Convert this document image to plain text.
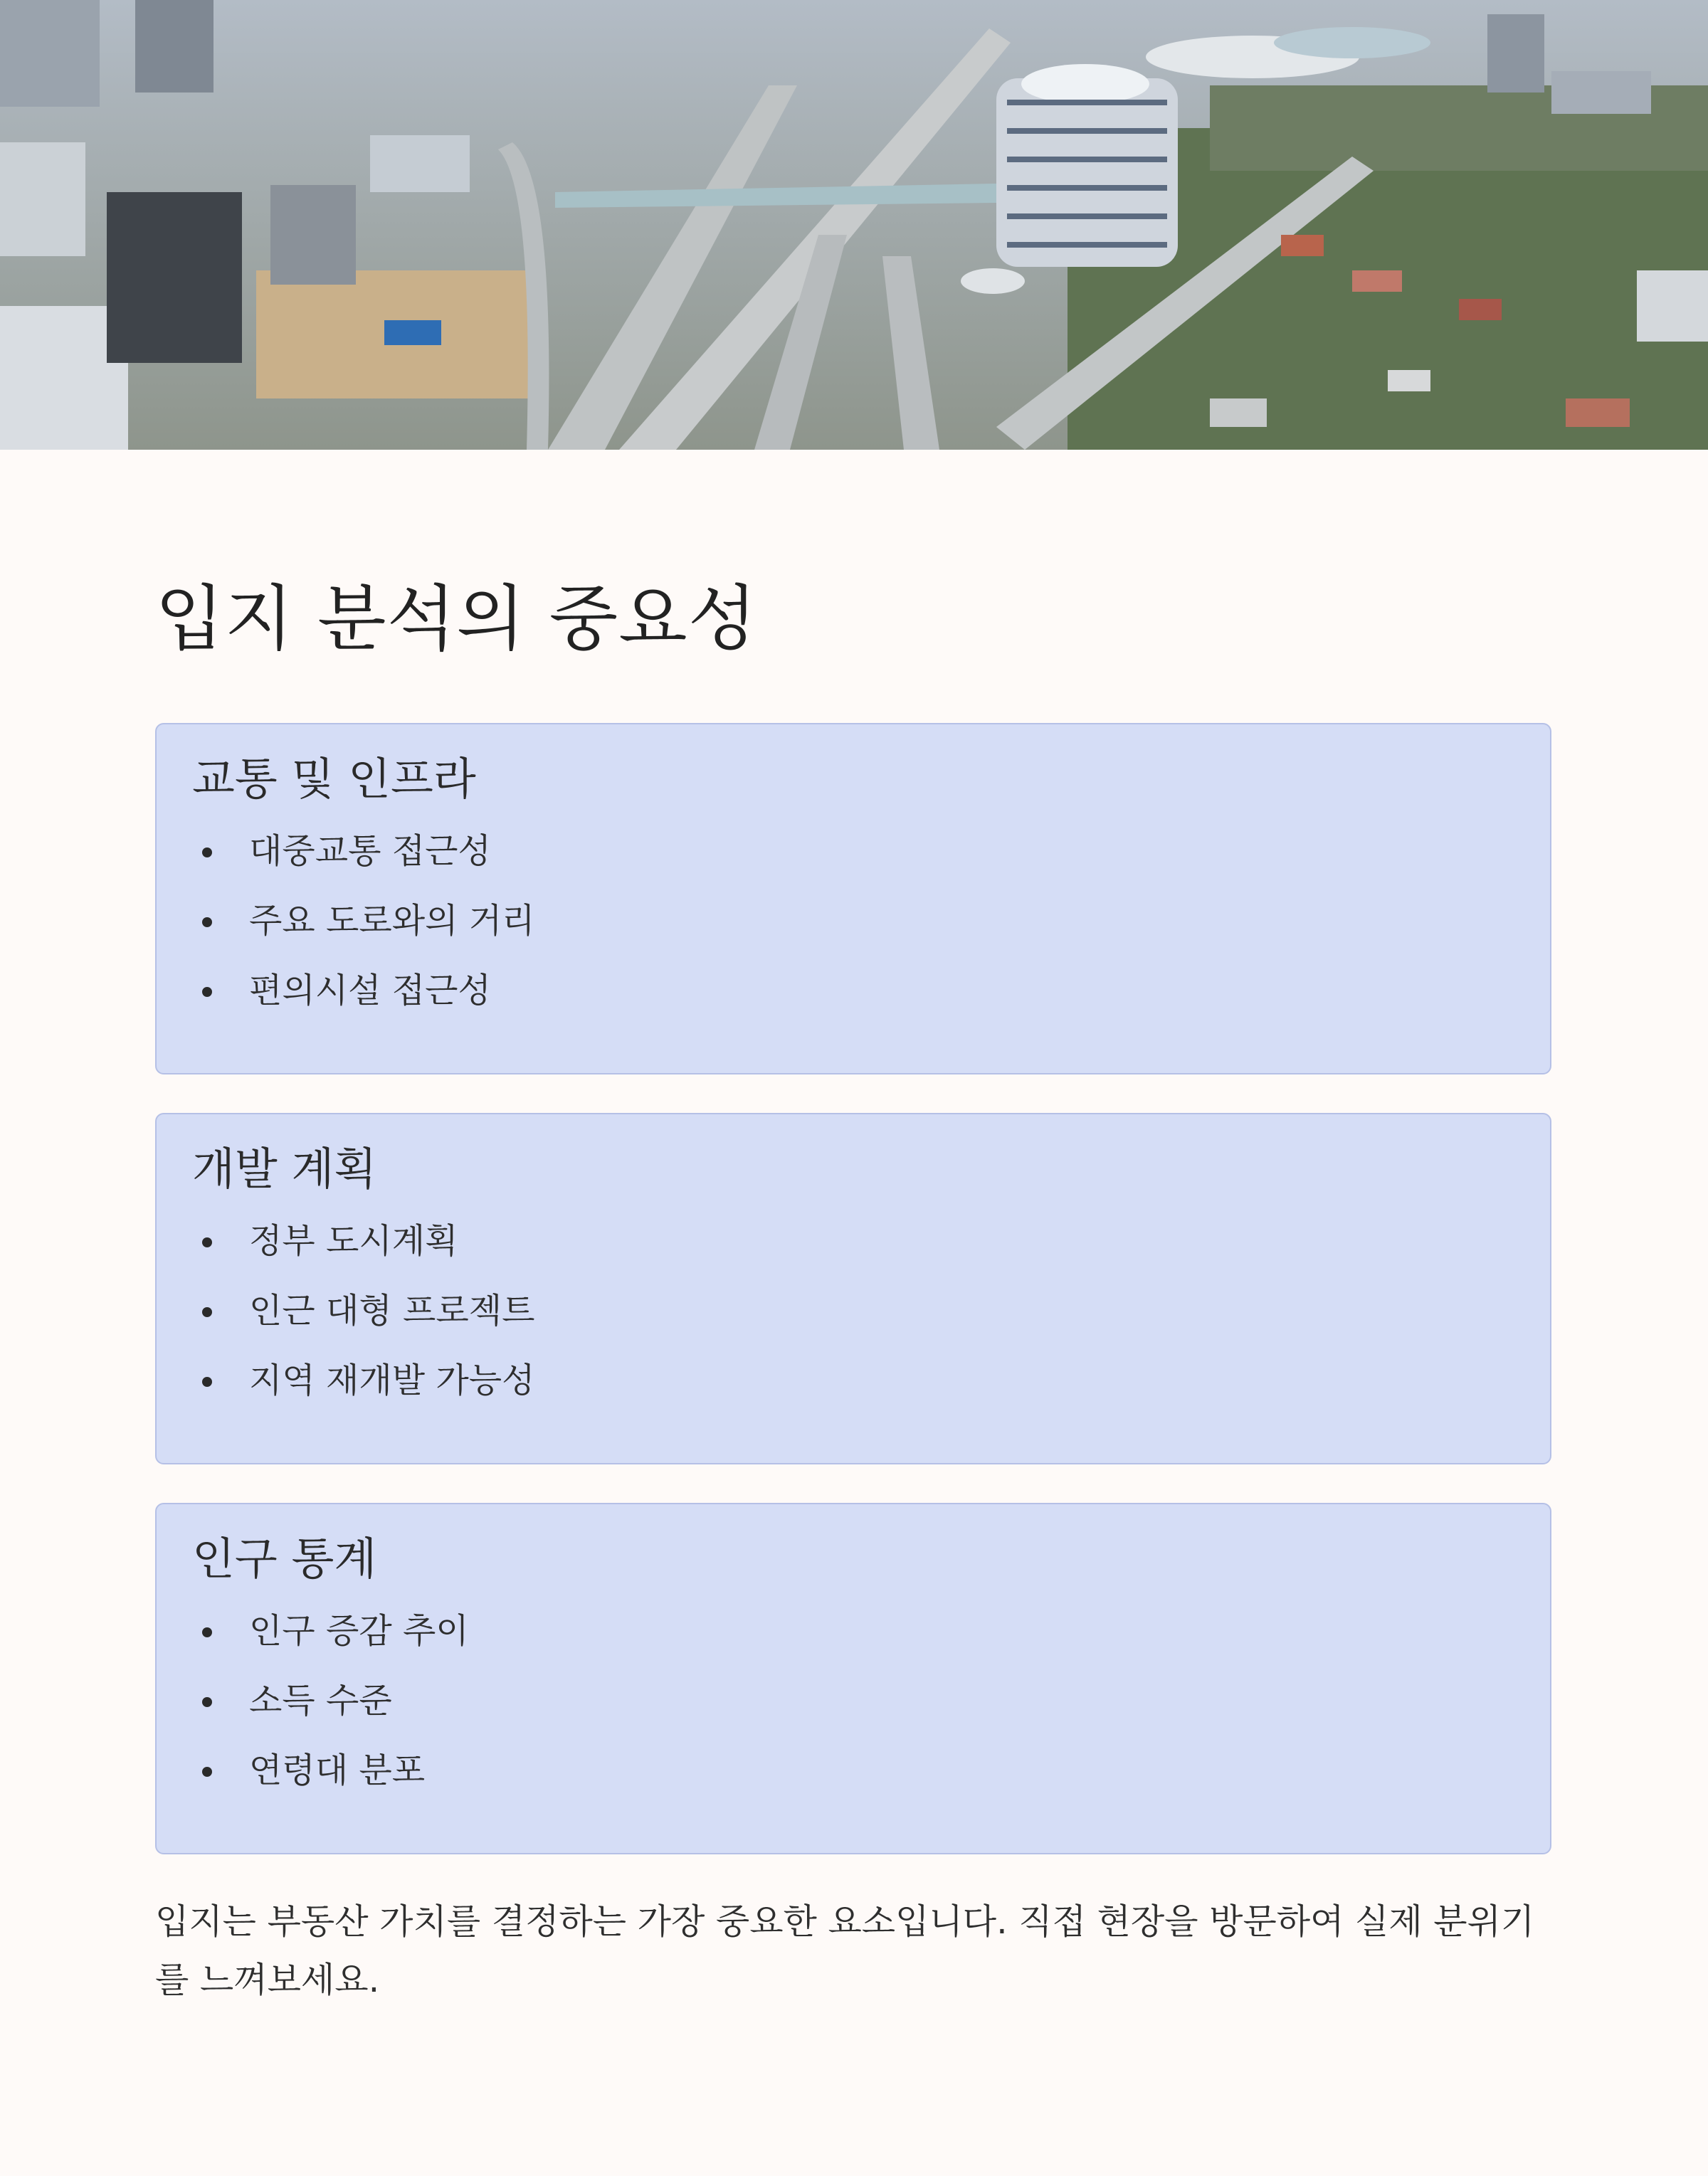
입지 분석의 중요성
교통 및 인프라
대중교통 접근성
주요 도로와의 거리
편의시설 접근성
개발 계획
정부 도시계획
인근 대형 프로젝트
지역 재개발 가능성
인구 통계
인구 증감 추이
소득 수준
연령대 분포

입지는 부동산 가치를 결정하는 가장 중요한 요소입니다. 직접 현장을 방문하여 실제 분위기를 느껴보세요.
